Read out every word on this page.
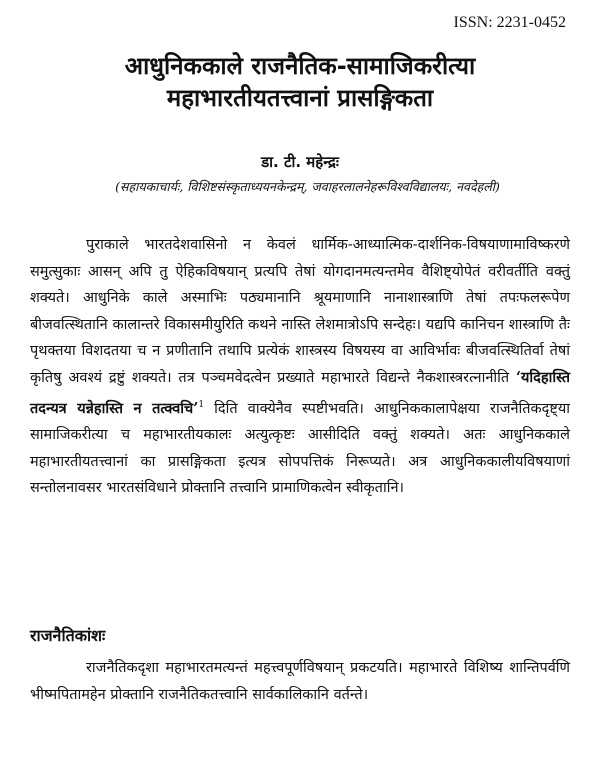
ISSN: 2231-0452
आधुनिककाले राजनैतिक-सामाजिकरीत्या
महाभारतीयतत्त्वानां प्रासङ्गिकता
डा. टी. महेन्द्रः
(सहायकाचार्यः, विशिष्टसंस्कृताध्ययनकेन्द्रम्, जवाहरलालनेहरूविश्वविद्यालयः, नवदेहली)

पुराकाले भारतदेशवासिनो न केवलं धार्मिक-आध्यात्मिक-दार्शनिक-विषयाणामाविष्करणे समुत्सुकाः आसन् अपि तु ऐहिकविषयान् प्रत्यपि तेषां योगदानमत्यन्तमेव वैशिष्ट्योपेतं वरीवर्तीति वक्तुं शक्यते। आधुनिके काले अस्माभिः पठ्यमानानि श्रूयमाणानि नानाशास्त्राणि तेषां तपःफलरूपेण बीजवत्स्थितानि कालान्तरे विकासमीयुरिति कथने नास्ति लेशमात्रोऽपि सन्देहः। यद्यपि कानिचन शास्त्राणि तैः पृथक्तया विशदतया च न प्रणीतानि तथापि प्रत्येकं शास्त्रस्य विषयस्य वा आविर्भावः बीजवत्स्थितिर्वा तेषां कृतिषु अवश्यं द्रष्टुं शक्यते। तत्र पञ्चमवेदत्वेन प्रख्याते महाभारते विद्यन्ते नैकशास्त्ररत्नानीति ‘यदिहास्ति तदन्यत्र यन्नेहास्ति न तत्क्वचि’$^1$ दिति वाक्येनैव स्पष्टीभवति। आधुनिककालापेक्षया राजनैतिकदृष्ट्या सामाजिकरीत्या च महाभारतीयकालः अत्युत्कृष्टः आसीदिति वक्तुं शक्यते। अतः आधुनिककाले महाभारतीयतत्त्वानां का प्रासङ्गिकता इत्यत्र सोपपत्तिकं निरूप्यते। अत्र आधुनिककालीयविषयाणां सन्तोलनावसर भारतसंविधाने प्रोक्तानि तत्त्वानि प्रामाणिकत्वेन स्वीकृतानि।

राजनैतिकांशः

राजनैतिकदृशा महाभारतमत्यन्तं महत्त्वपूर्णविषयान् प्रकटयति। महाभारते विशिष्य शान्तिपर्वणि भीष्मपितामहेन प्रोक्तानि राजनैतिकतत्त्वानि सार्वकालिकानि वर्तन्ते।
